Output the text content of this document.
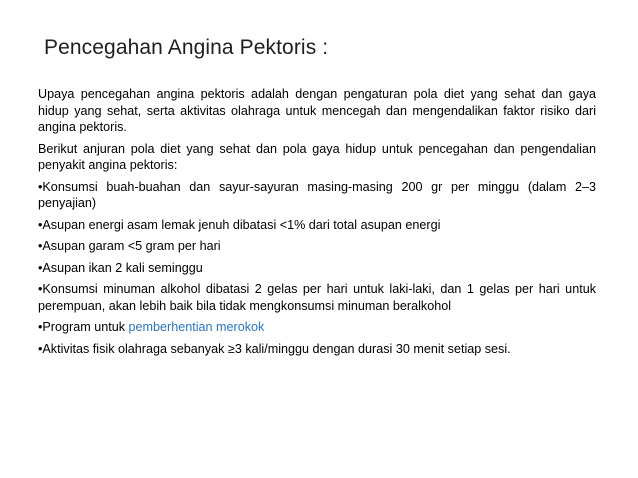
Pencegahan Angina Pektoris :

Upaya pencegahan angina pektoris adalah dengan pengaturan pola diet yang sehat dan gaya hidup yang sehat, serta aktivitas olahraga untuk mencegah dan mengendalikan faktor risiko dari angina pektoris.

Berikut anjuran pola diet yang sehat dan pola gaya hidup untuk pencegahan dan pengendalian penyakit angina pektoris:

•Konsumsi buah-buahan dan sayur-sayuran masing-masing 200 gr per minggu (dalam 2–3 penyajian)

•Asupan energi asam lemak jenuh dibatasi <1% dari total asupan energi

•Asupan garam <5 gram per hari

•Asupan ikan 2 kali seminggu

•Konsumsi minuman alkohol dibatasi 2 gelas per hari untuk laki-laki, dan 1 gelas per hari untuk perempuan, akan lebih baik bila tidak mengkonsumsi minuman beralkohol

•Program untuk pemberhentian merokok

•Aktivitas fisik olahraga sebanyak ≥3 kali/minggu dengan durasi 30 menit setiap sesi.
